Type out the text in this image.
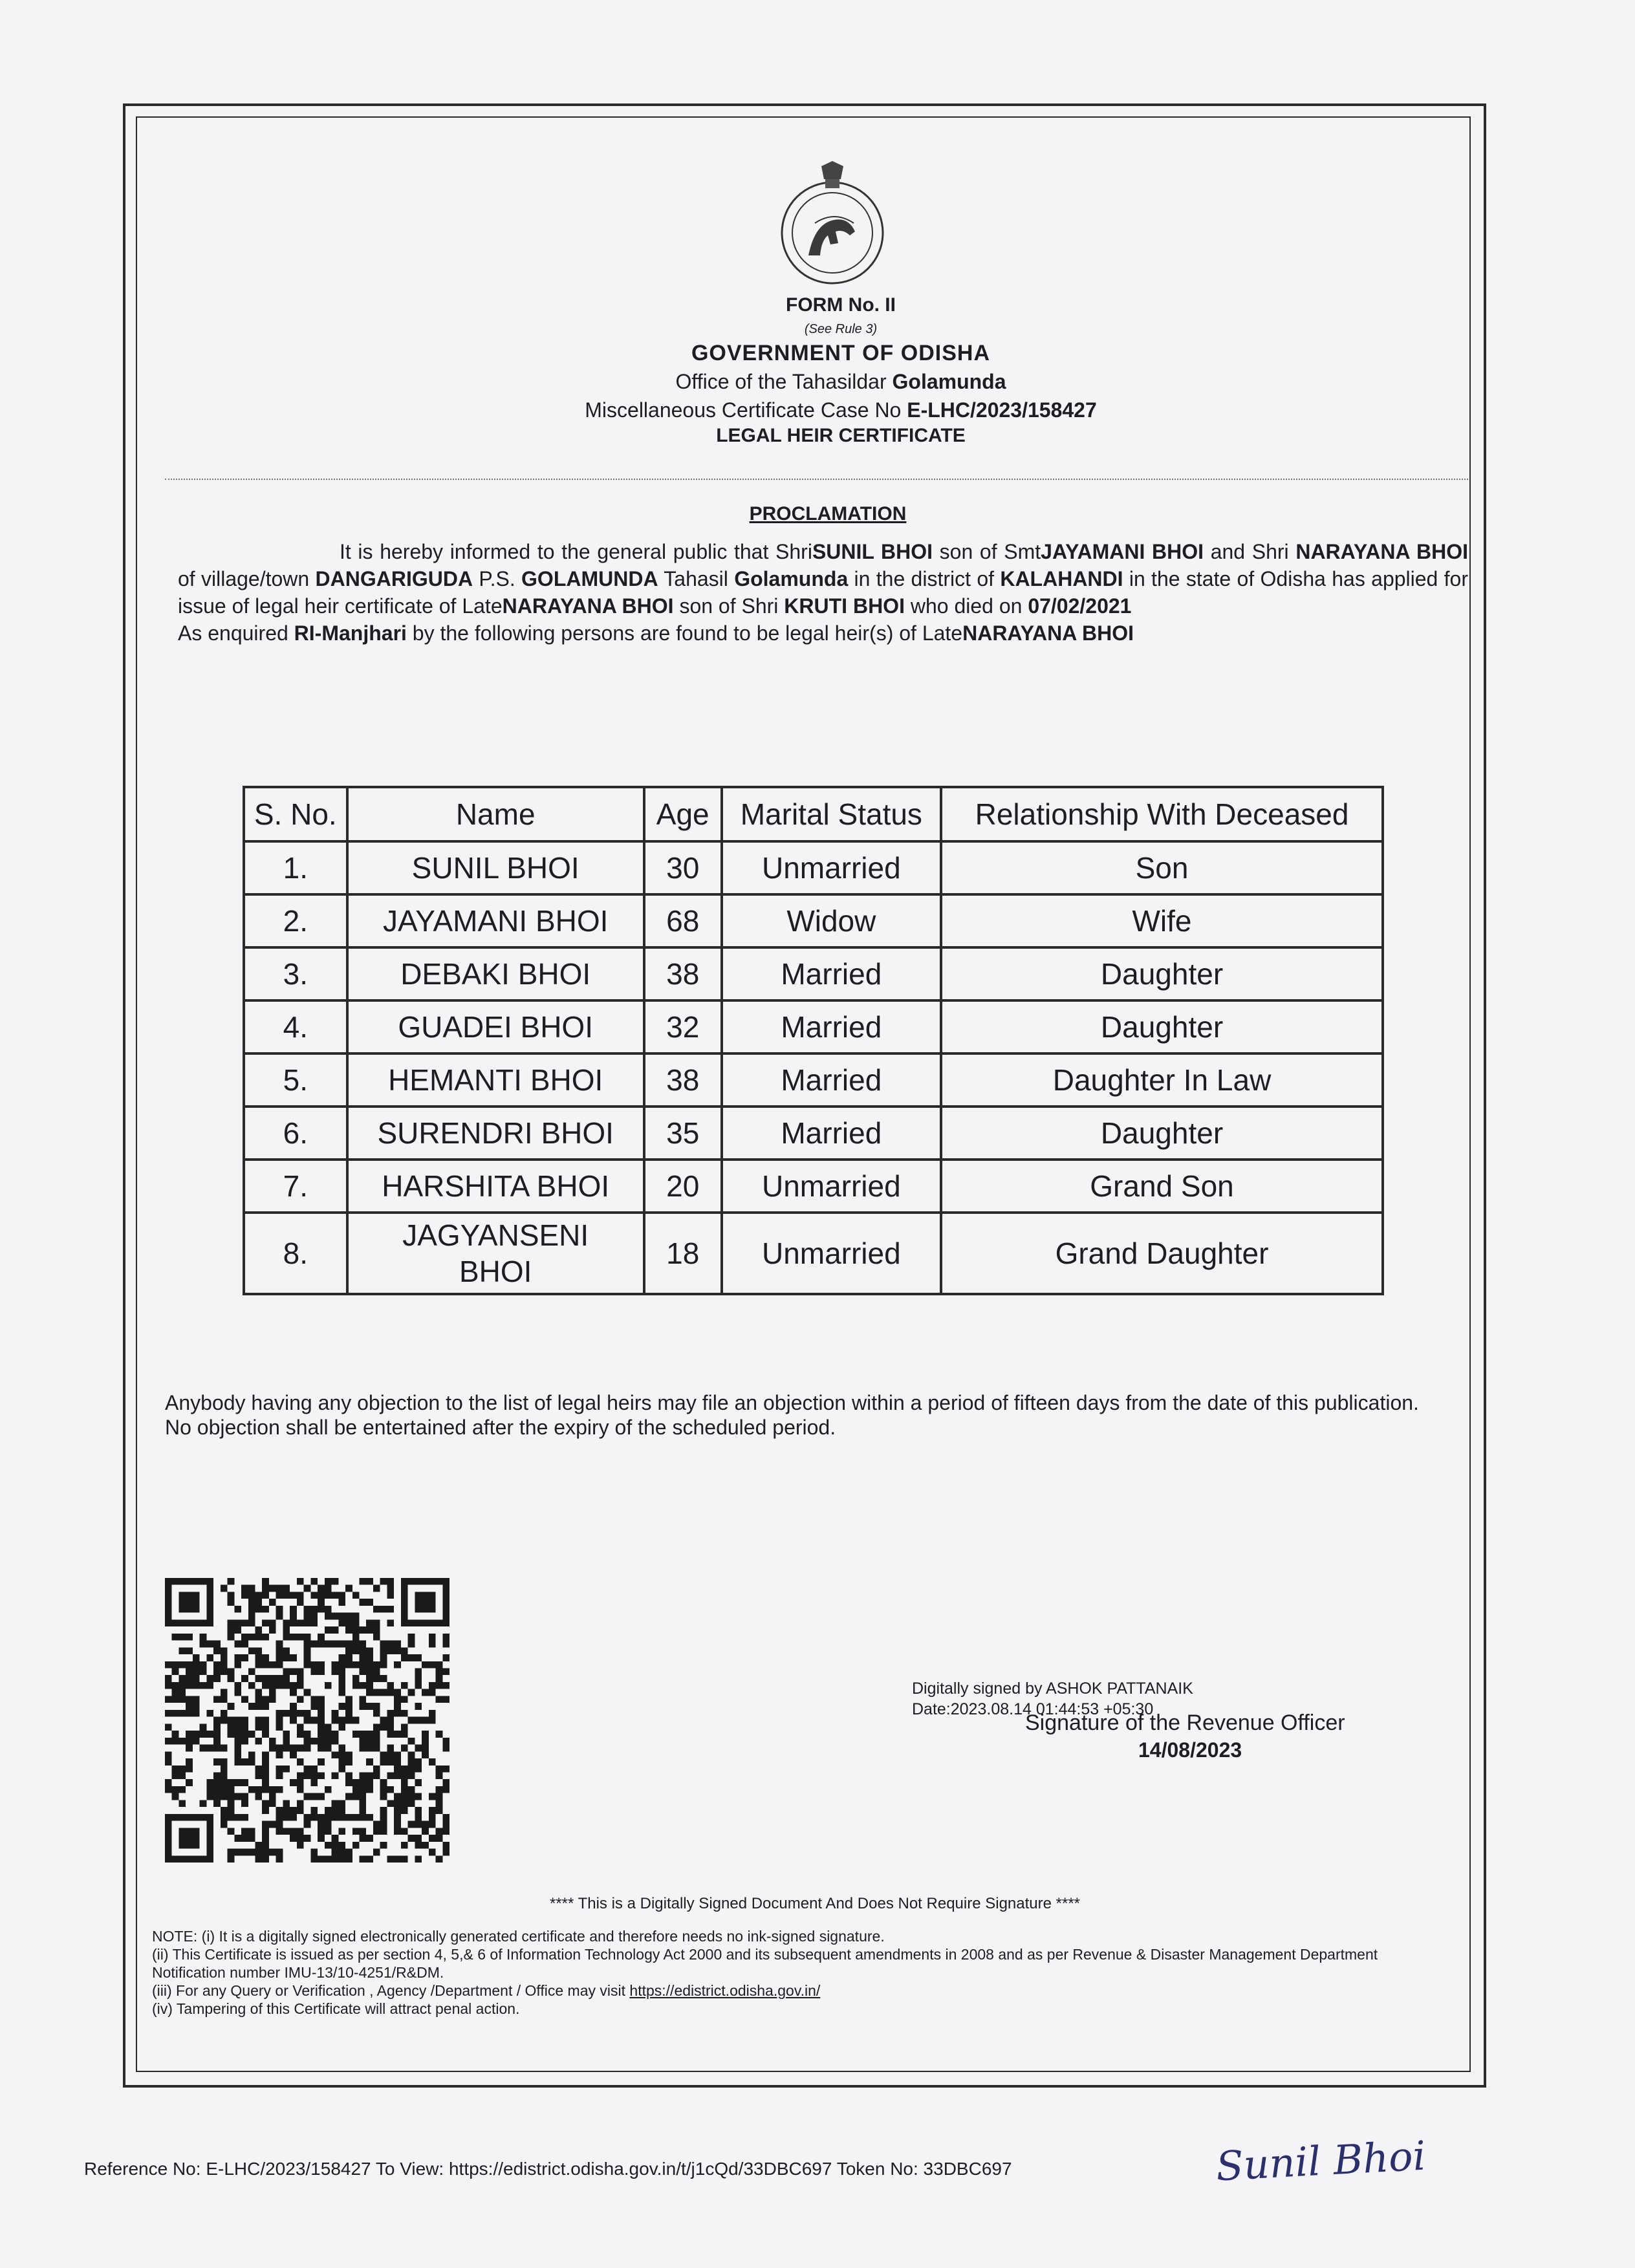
FORM No. II
(See Rule 3)
GOVERNMENT OF ODISHA
Office of the Tahasildar Golamunda
Miscellaneous Certificate Case No E-LHC/2023/158427
LEGAL HEIR CERTIFICATE
PROCLAMATION

It is hereby informed to the general public that ShriSUNIL BHOI son of SmtJAYAMANI BHOI and Shri NARAYANA BHOI of village/town DANGARIGUDA P.S. GOLAMUNDA Tahasil Golamunda in the district of KALAHANDI in the state of Odisha has applied for issue of legal heir certificate of LateNARAYANA BHOI son of Shri KRUTI BHOI who died on 07/02/2021

As enquired RI-Manjhari by the following persons are found to be legal heir(s) of LateNARAYANA BHOI

S. No.	Name	Age	Marital Status	Relationship With Deceased
1.	SUNIL BHOI	30	Unmarried	Son
2.	JAYAMANI BHOI	68	Widow	Wife
3.	DEBAKI BHOI	38	Married	Daughter
4.	GUADEI BHOI	32	Married	Daughter
5.	HEMANTI BHOI	38	Married	Daughter In Law
6.	SURENDRI BHOI	35	Married	Daughter
7.	HARSHITA BHOI	20	Unmarried	Grand Son
8.	JAGYANSENI
BHOI	18	Unmarried	Grand Daughter

Anybody having any objection to the list of legal heirs may file an objection within a period of fifteen days from the date of this publication.

No objection shall be entertained after the expiry of the scheduled period.

Digitally signed by ASHOK PATTANAIK
Date:2023.08.14 01:44:53 +05:30
Signature of the Revenue Officer
14/08/2023
**** This is a Digitally Signed Document And Does Not Require Signature ****

NOTE: (i) It is a digitally signed electronically generated certificate and therefore needs no ink-signed signature.

(ii) This Certificate is issued as per section 4, 5,& 6 of Information Technology Act 2000 and its subsequent amendments in 2008 and as per Revenue & Disaster Management Department Notification number IMU-13/10-4251/R&DM.

(iii) For any Query or Verification , Agency /Department / Office may visit https://edistrict.odisha.gov.in/

(iv) Tampering of this Certificate will attract penal action.

Reference No: E-LHC/2023/158427 To View: https://edistrict.odisha.gov.in/t/j1cQd/33DBC697 Token No: 33DBC697	Sunil Bhoi
